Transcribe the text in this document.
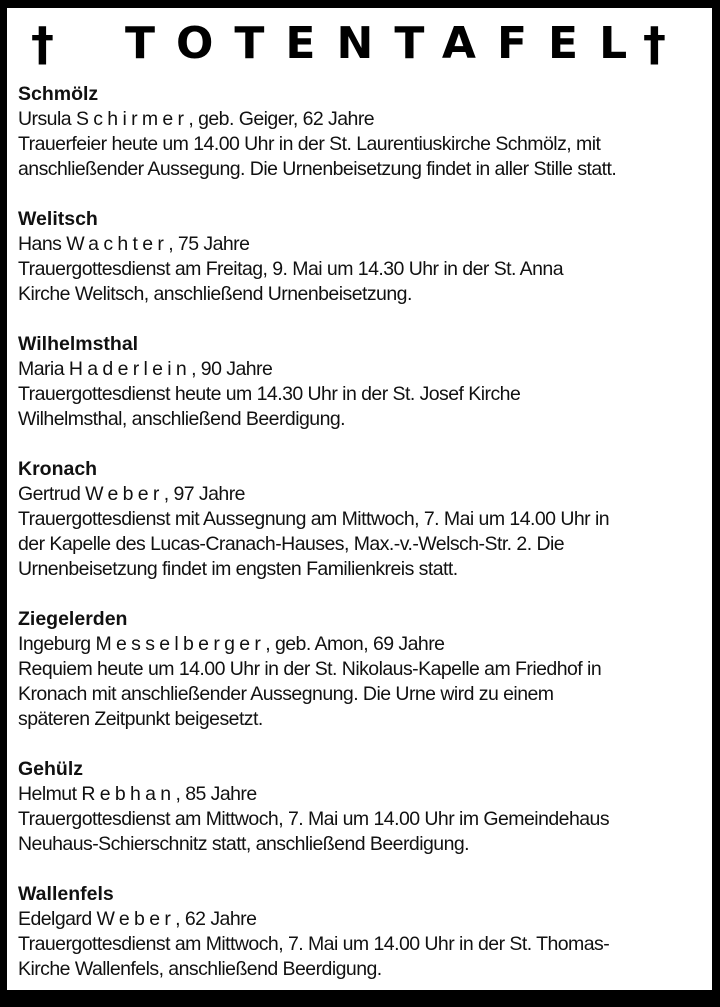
† TOTENTAFEL
†
Schmölz
Ursula Schirmer, geb. Geiger, 62 Jahre
Trauerfeier heute um 14.00 Uhr in der St. Laurentiuskirche Schmölz, mit
anschließender Aussegung. Die Urnenbeisetzung findet in aller Stille statt.
Welitsch
Hans Wachter, 75 Jahre
Trauergottesdienst am Freitag, 9. Mai um 14.30 Uhr in der St. Anna
Kirche Welitsch, anschließend Urnenbeisetzung.
Wilhelmsthal
Maria Haderlein, 90 Jahre
Trauergottesdienst heute um 14.30 Uhr in der St. Josef Kirche
Wilhelmsthal, anschließend Beerdigung.
Kronach
Gertrud Weber, 97 Jahre
Trauergottesdienst mit Aussegnung am Mittwoch, 7. Mai um 14.00 Uhr in
der Kapelle des Lucas-Cranach-Hauses, Max.-v.-Welsch-Str. 2. Die
Urnenbeisetzung findet im engsten Familienkreis statt.
Ziegelerden
Ingeburg Messelberger, geb. Amon, 69 Jahre
Requiem heute um 14.00 Uhr in der St. Nikolaus-Kapelle am Friedhof in
Kronach mit anschließender Aussegnung. Die Urne wird zu einem
späteren Zeitpunkt beigesetzt.
Gehülz
Helmut Rebhan, 85 Jahre
Trauergottesdienst am Mittwoch, 7. Mai um 14.00 Uhr im Gemeindehaus
Neuhaus-Schierschnitz statt, anschließend Beerdigung.
Wallenfels
Edelgard Weber, 62 Jahre
Trauergottesdienst am Mittwoch, 7. Mai um 14.00 Uhr in der St. Thomas-
Kirche Wallenfels, anschließend Beerdigung.
